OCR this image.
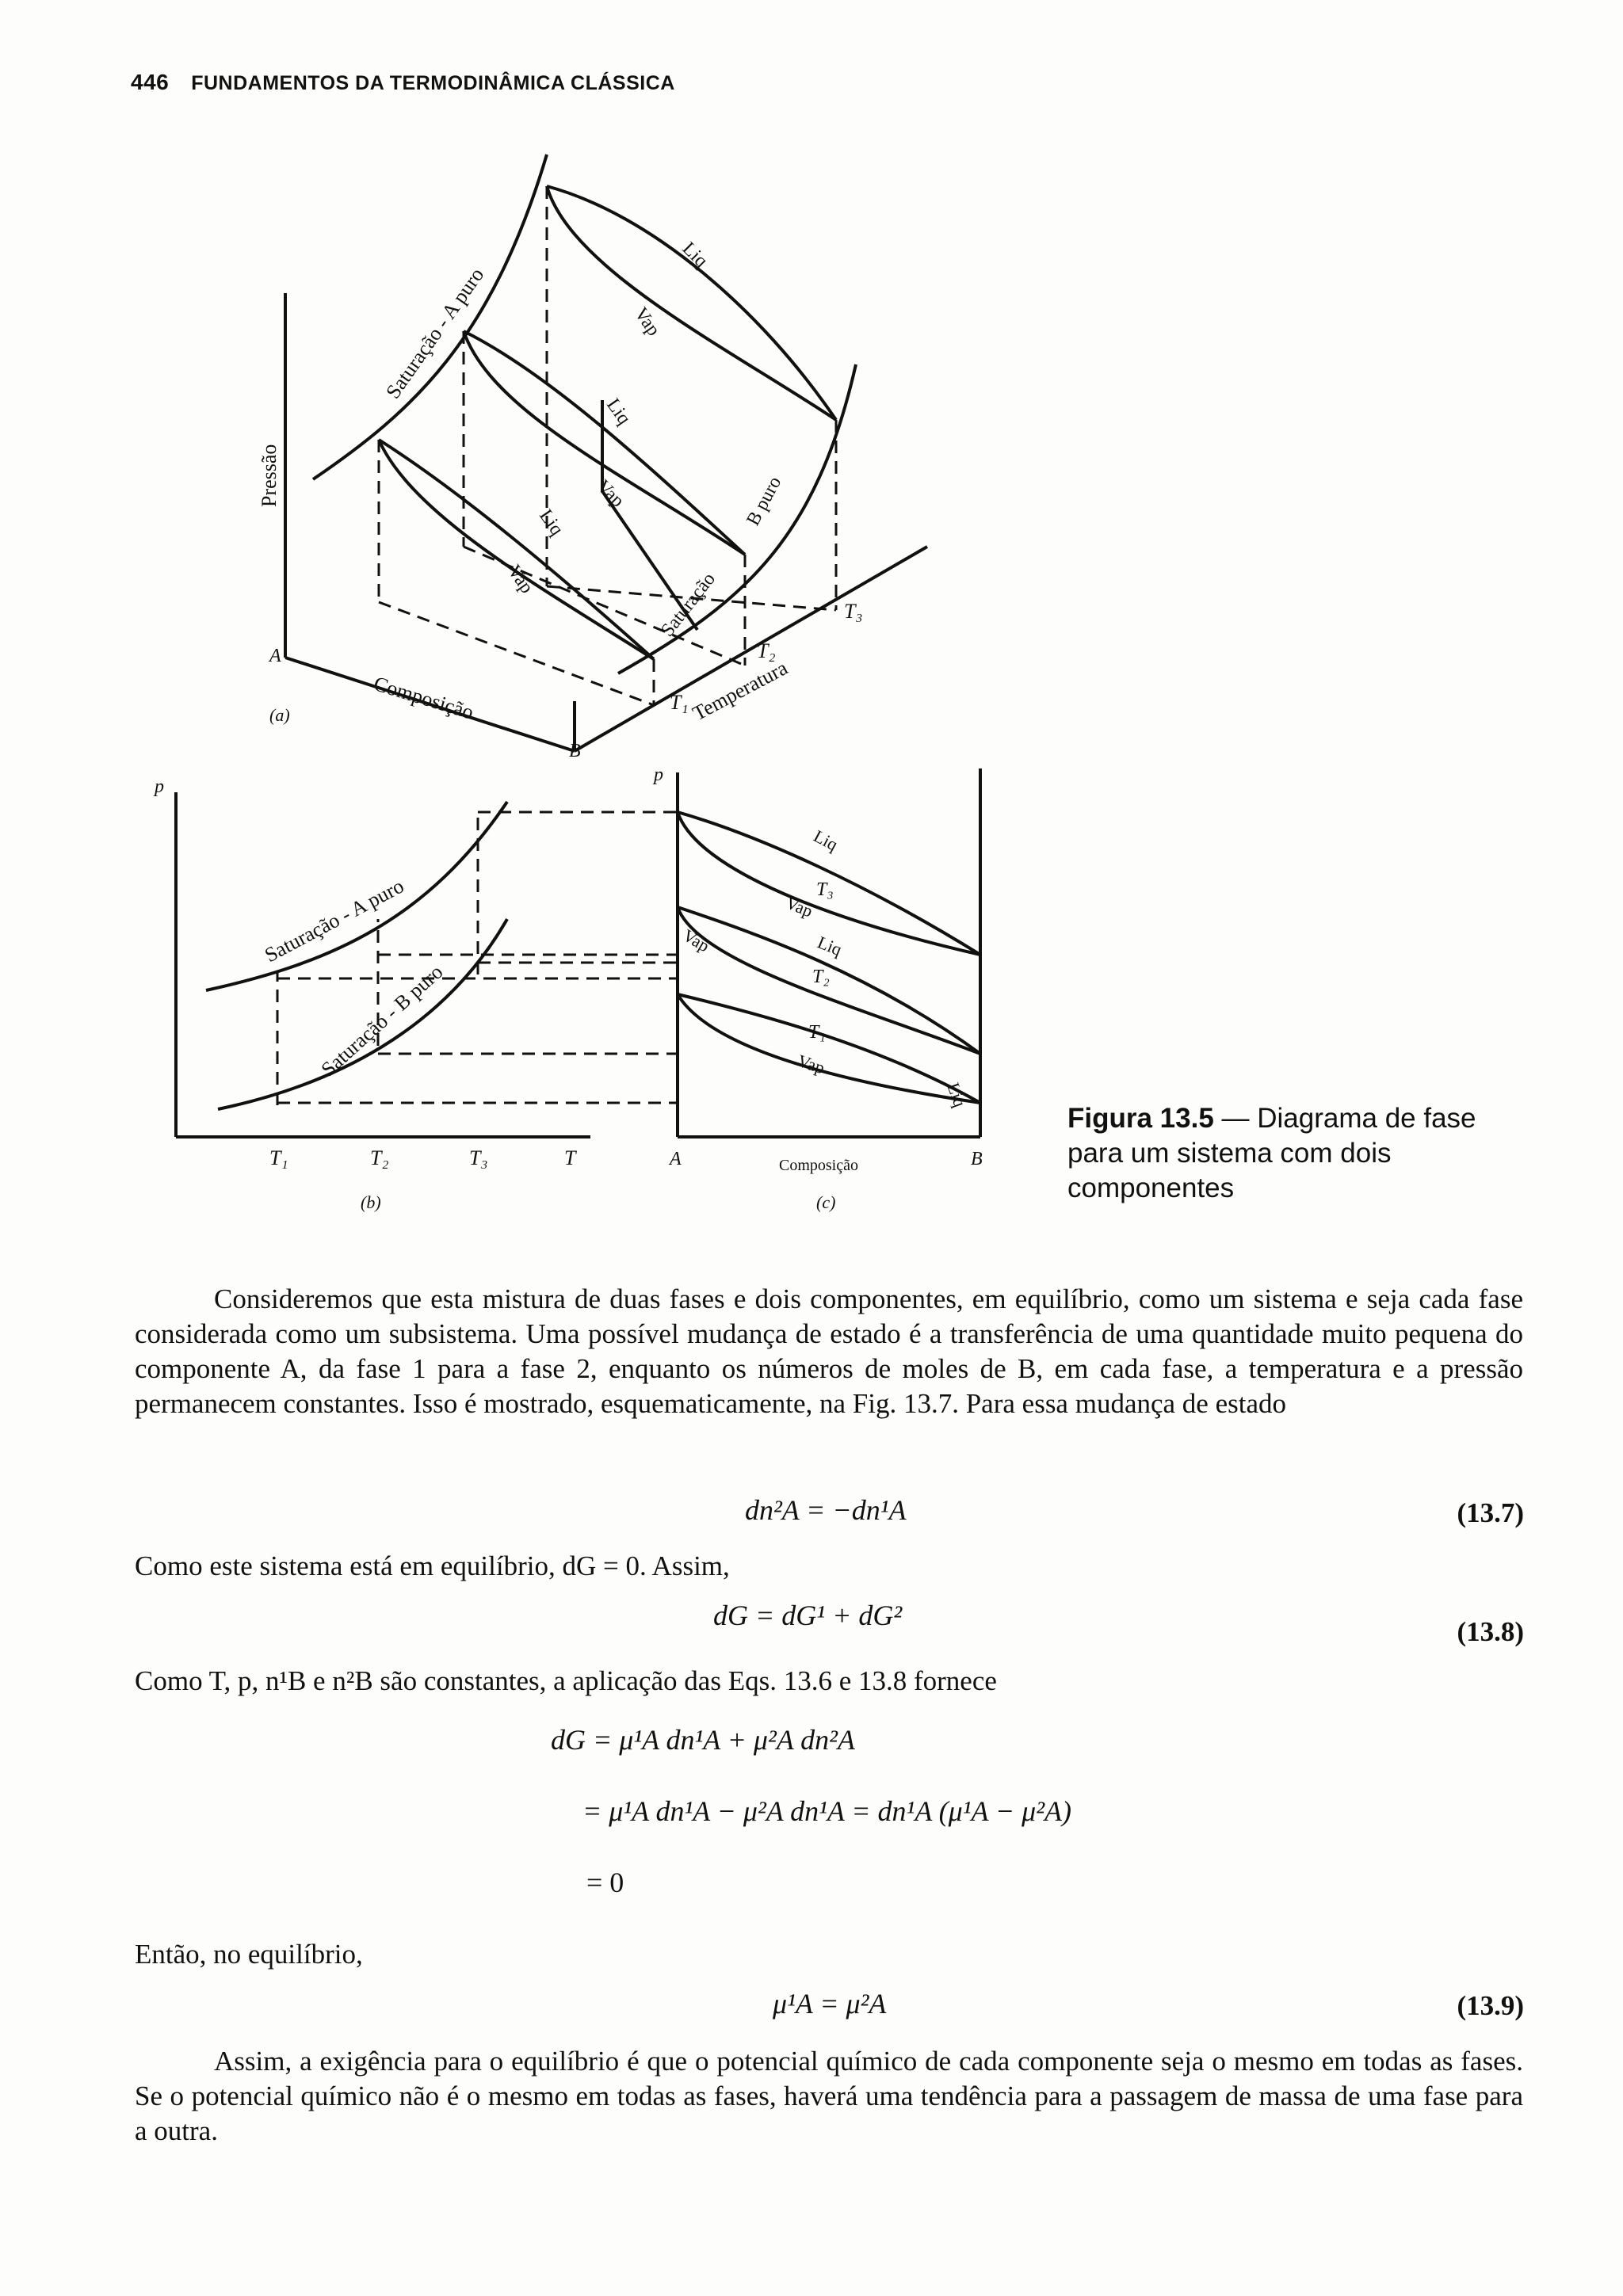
446 FUNDAMENTOS DA TERMODINÂMICA CLÁSSICA
Pressão
Composição	Temperatura
A
B
(a)
T₁
T₂
T₃
Saturação - A puro
Saturação
B puro
Liq
Vap
Liq
Vap
Liq
Vap
p
T
T₁	T₂	T₃
(b)
Saturação - A puro
Saturação - B puro
p
A	B
Composição
(c)
Liq
T₃
Vap
Liq
Vap
T₂
T₁
Vap
Liq
Figura 13.5 — Diagrama de fase para um sistema com dois componentes
Consideremos que esta mistura de duas fases e dois componentes, em equilíbrio, como um sistema e seja cada fase considerada como um subsistema. Uma possível mudança de estado é a transferência de uma quantidade muito pequena do componente A, da fase 1 para a fase 2, enquanto os números de moles de B, em cada fase, a temperatura e a pressão permanecem constantes. Isso é mostrado, esquematicamente, na Fig. 13.7. Para essa mudança de estado
dn²A = −dn¹A	(13.7)
Como este sistema está em equilíbrio, dG = 0. Assim,
dG = dG¹ + dG²
(13.8)
Como T, p, n¹B e n²B são constantes, a aplicação das Eqs. 13.6 e 13.8 fornece
dG = μ¹A dn¹A + μ²A dn²A
= μ¹A dn¹A − μ²A dn¹A = dn¹A (μ¹A − μ²A)
= 0
Então, no equilíbrio,
μ¹A = μ²A	(13.9)
Assim, a exigência para o equilíbrio é que o potencial químico de cada componente seja o mesmo em todas as fases. Se o potencial químico não é o mesmo em todas as fases, haverá uma tendência para a passagem de massa de uma fase para a outra.
